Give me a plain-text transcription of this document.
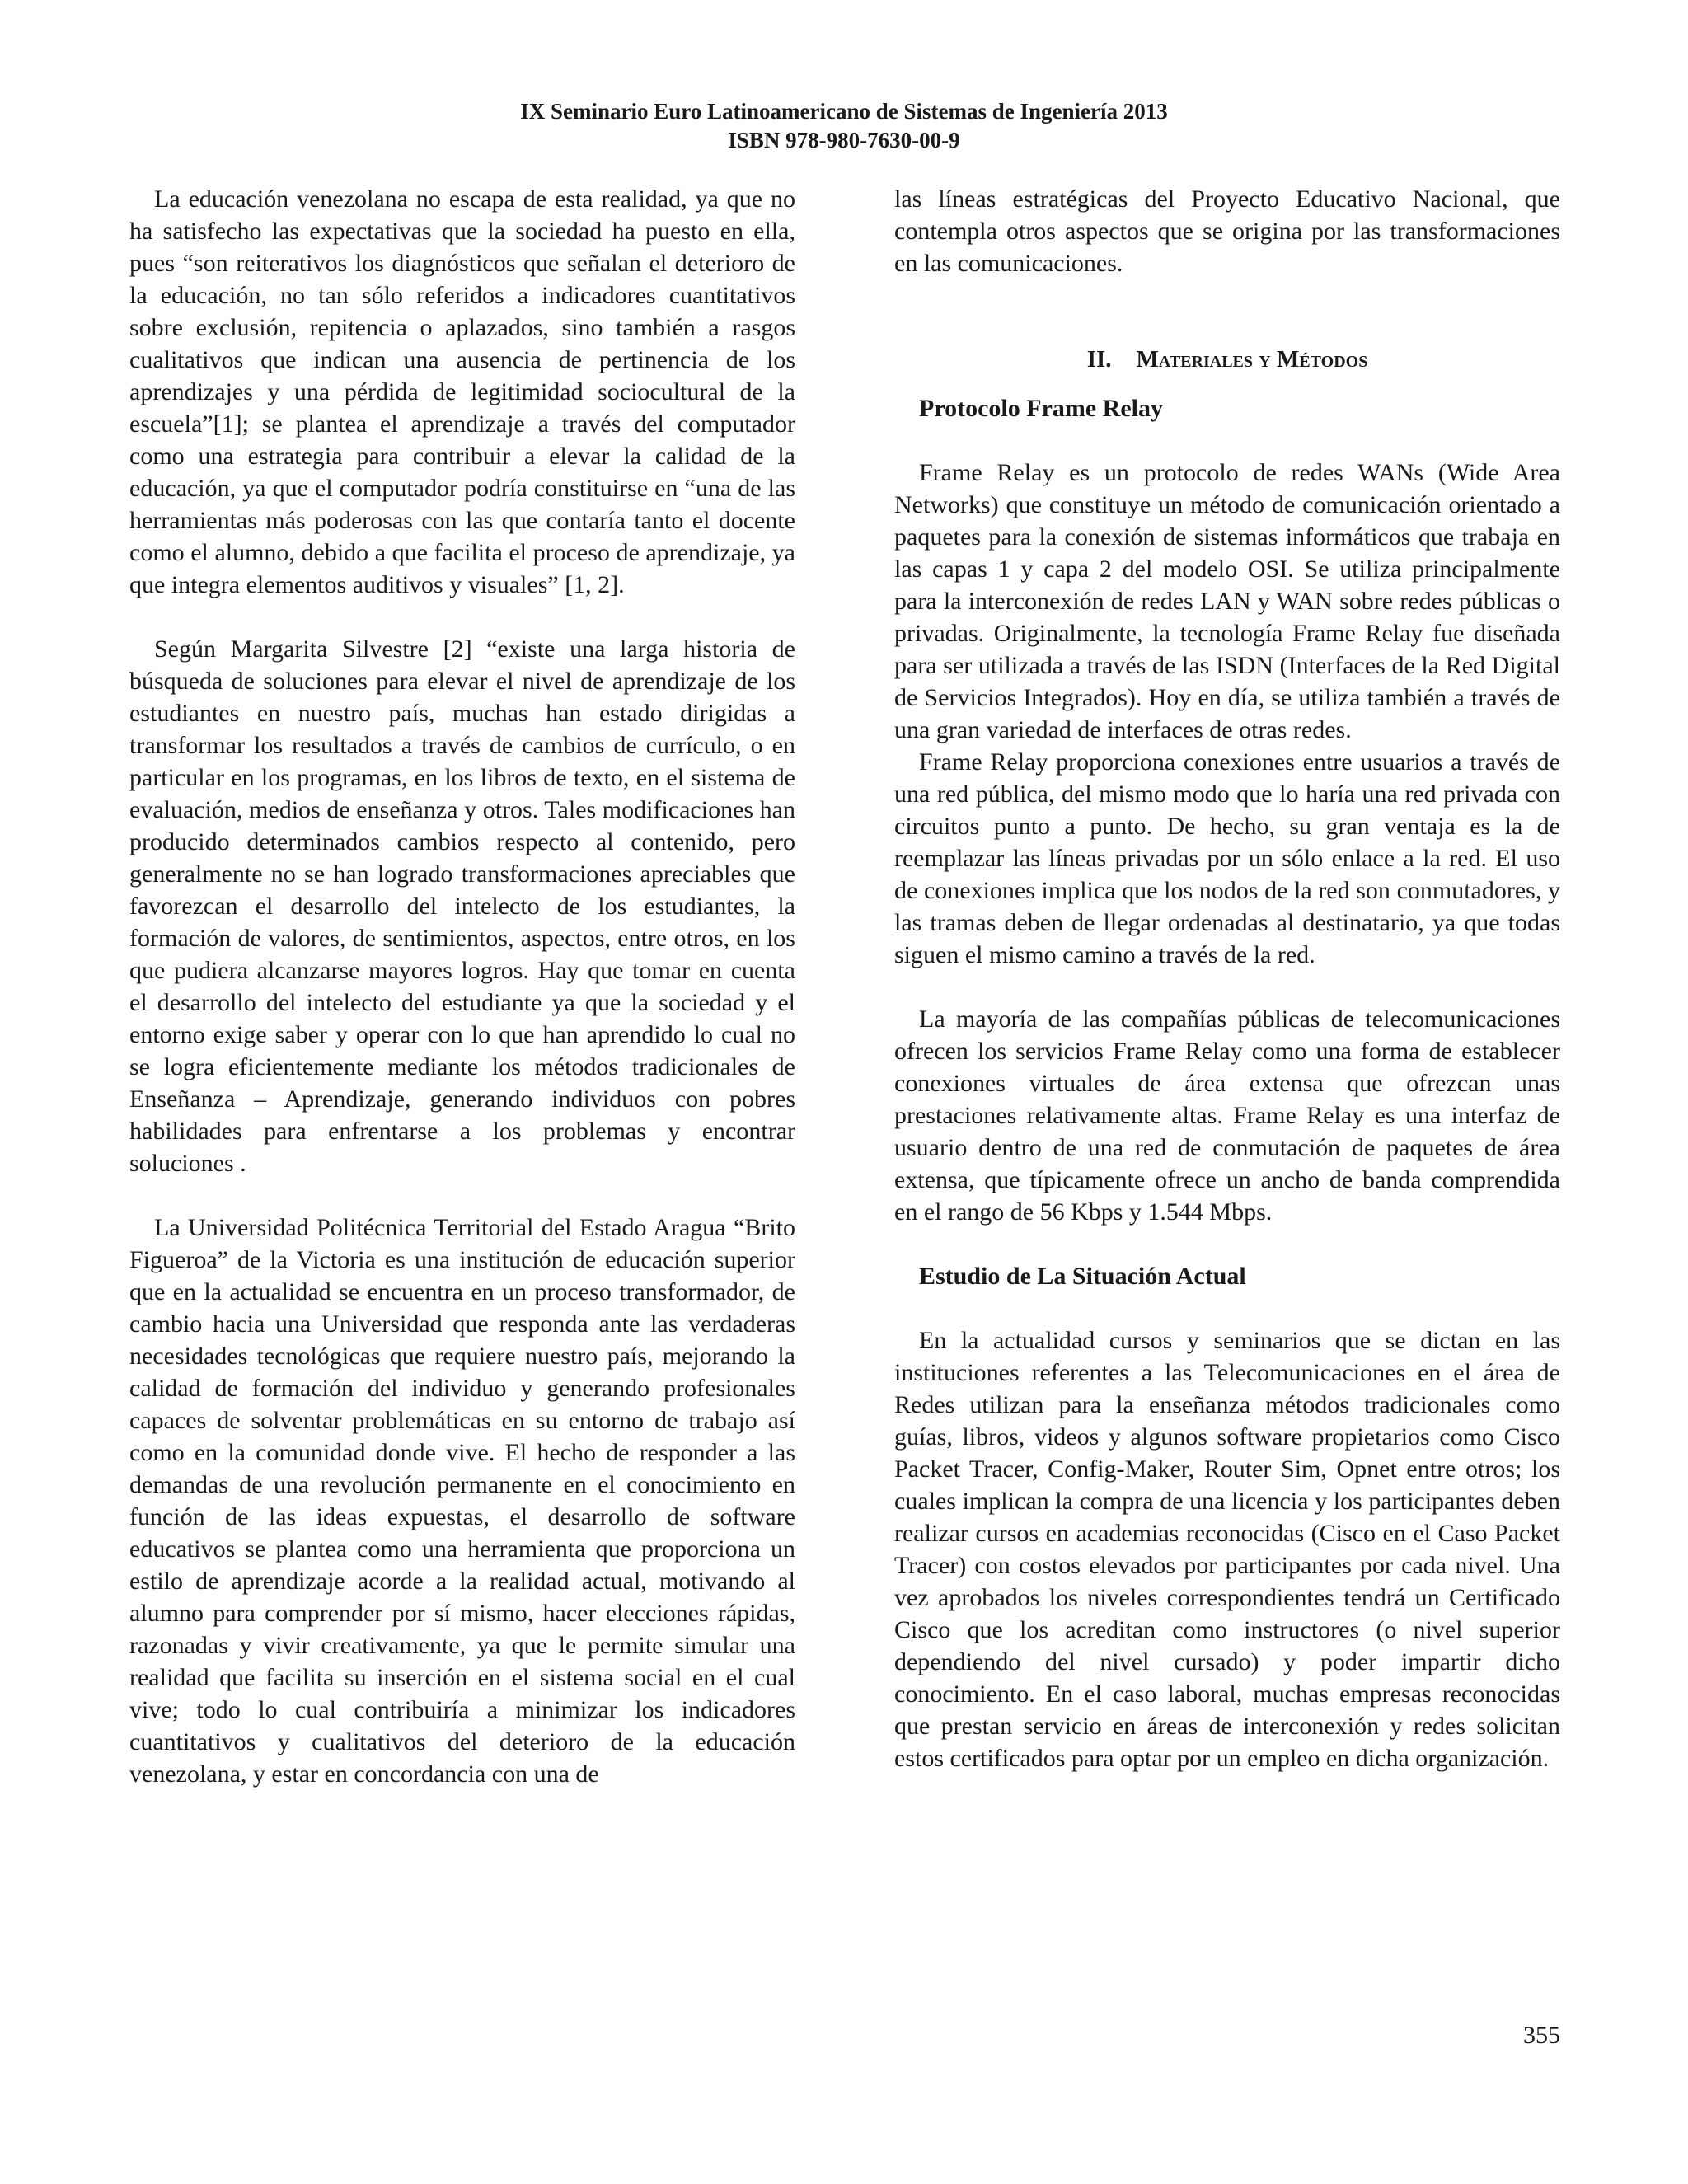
IX Seminario Euro Latinoamericano de Sistemas de Ingeniería 2013
ISBN 978-980-7630-00-9

La educación venezolana no escapa de esta realidad, ya que no ha satisfecho las expectativas que la sociedad ha puesto en ella, pues “son reiterativos los diagnósticos que señalan el deterioro de la educación, no tan sólo referidos a indicadores cuantitativos sobre exclusión, repitencia o aplazados, sino también a rasgos cualitativos que indican una ausencia de pertinencia de los aprendizajes y una pérdida de legitimidad sociocultural de la escuela”[1]; se plantea el aprendizaje a través del computador como una estrategia para contribuir a elevar la calidad de la educación, ya que el computador podría constituirse en “una de las herramientas más poderosas con las que contaría tanto el docente como el alumno, debido a que facilita el proceso de aprendizaje, ya que integra elementos auditivos y visuales” [1, 2].

Según Margarita Silvestre [2] “existe una larga historia de búsqueda de soluciones para elevar el nivel de aprendizaje de los estudiantes en nuestro país, muchas han estado dirigidas a transformar los resultados a través de cambios de currículo, o en particular en los programas, en los libros de texto, en el sistema de evaluación, medios de enseñanza y otros. Tales modificaciones han producido determinados cambios respecto al contenido, pero generalmente no se han logrado transformaciones apreciables que favorezcan el desarrollo del intelecto de los estudiantes, la formación de valores, de sentimientos, aspectos, entre otros, en los que pudiera alcanzarse mayores logros. Hay que tomar en cuenta el desarrollo del intelecto del estudiante ya que la sociedad y el entorno exige saber y operar con lo que han aprendido lo cual no se logra eficientemente mediante los métodos tradicionales de Enseñanza – Aprendizaje, generando individuos con pobres habilidades para enfrentarse a los problemas y encontrar soluciones .

La Universidad Politécnica Territorial del Estado Aragua “Brito Figueroa” de la Victoria es una institución de educación superior que en la actualidad se encuentra en un proceso transformador, de cambio hacia una Universidad que responda ante las verdaderas necesidades tecnológicas que requiere nuestro país, mejorando la calidad de formación del individuo y generando profesionales capaces de solventar problemáticas en su entorno de trabajo así como en la comunidad donde vive. El hecho de responder a las demandas de una revolución permanente en el conocimiento en función de las ideas expuestas, el desarrollo de software educativos se plantea como una herramienta que proporciona un estilo de aprendizaje acorde a la realidad actual, motivando al alumno para comprender por sí mismo, hacer elecciones rápidas, razonadas y vivir creativamente, ya que le permite simular una realidad que facilita su inserción en el sistema social en el cual vive; todo lo cual contribuiría a minimizar los indicadores cuantitativos y cualitativos del deterioro de la educación venezolana, y estar en concordancia con una de

las líneas estratégicas del Proyecto Educativo Nacional, que contempla otros aspectos que se origina por las transformaciones en las comunicaciones.

II. Materiales y Métodos

Protocolo Frame Relay

Frame Relay es un protocolo de redes WANs (Wide Area Networks) que constituye un método de comunicación orientado a paquetes para la conexión de sistemas informáticos que trabaja en las capas 1 y capa 2 del modelo OSI. Se utiliza principalmente para la interconexión de redes LAN y WAN sobre redes públicas o privadas. Originalmente, la tecnología Frame Relay fue diseñada para ser utilizada a través de las ISDN (Interfaces de la Red Digital de Servicios Integrados). Hoy en día, se utiliza también a través de una gran variedad de interfaces de otras redes.

Frame Relay proporciona conexiones entre usuarios a través de una red pública, del mismo modo que lo haría una red privada con circuitos punto a punto. De hecho, su gran ventaja es la de reemplazar las líneas privadas por un sólo enlace a la red. El uso de conexiones implica que los nodos de la red son conmutadores, y las tramas deben de llegar ordenadas al destinatario, ya que todas siguen el mismo camino a través de la red.

La mayoría de las compañías públicas de telecomunicaciones ofrecen los servicios Frame Relay como una forma de establecer conexiones virtuales de área extensa que ofrezcan unas prestaciones relativamente altas. Frame Relay es una interfaz de usuario dentro de una red de conmutación de paquetes de área extensa, que típicamente ofrece un ancho de banda comprendida en el rango de 56 Kbps y 1.544 Mbps.

Estudio de La Situación Actual

En la actualidad cursos y seminarios que se dictan en las instituciones referentes a las Telecomunicaciones en el área de Redes utilizan para la enseñanza métodos tradicionales como guías, libros, videos y algunos software propietarios como Cisco Packet Tracer, Config-Maker, Router Sim, Opnet entre otros; los cuales implican la compra de una licencia y los participantes deben realizar cursos en academias reconocidas (Cisco en el Caso Packet Tracer) con costos elevados por participantes por cada nivel. Una vez aprobados los niveles correspondientes tendrá un Certificado Cisco que los acreditan como instructores (o nivel superior dependiendo del nivel cursado) y poder impartir dicho conocimiento. En el caso laboral, muchas empresas reconocidas que prestan servicio en áreas de interconexión y redes solicitan estos certificados para optar por un empleo en dicha organización.

355
